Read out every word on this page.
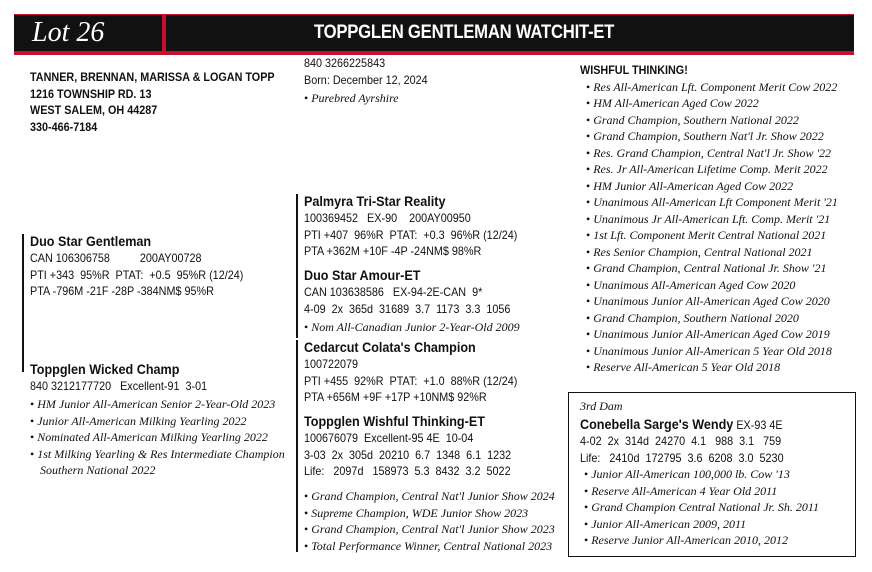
Lot 26	TOPPGLEN GENTLEMAN WATCHIT-ET
TANNER, BRENNAN, MARISSA & LOGAN TOPP
1216 TOWNSHIP RD. 13
WEST SALEM, OH 44287
330-466-7184
840 3266225843
Born: December 12, 2024
• Purebred Ayrshire
Duo Star Gentleman
CAN 106306758          200AY00728
PTI +343  95%R  PTAT:  +0.5  95%R (12/24)
PTA -796M -21F -28P -384NM$ 95%R
Toppglen Wicked Champ
840 3212177720   Excellent-91  3-01
• HM Junior All-American Senior 2-Year-Old 2023
• Junior All-American Milking Yearling 2022
• Nominated All-American Milking Yearling 2022
• 1st Milking Yearling & Res Intermediate Champion
Southern National 2022
Palmyra Tri-Star Reality
100369452   EX-90    200AY00950
PTI +407  96%R  PTAT:  +0.3  96%R (12/24)
PTA +362M +10F -4P -24NM$ 98%R
Duo Star Amour-ET
CAN 103638586   EX-94-2E-CAN  9*
4-09  2x  365d  31689  3.7  1173  3.3  1056
• Nom All-Canadian Junior 2-Year-Old 2009
Cedarcut Colata's Champion
100722079
PTI +455  92%R  PTAT:  +1.0  88%R (12/24)
PTA +656M +9F +17P +10NM$ 92%R
Toppglen Wishful Thinking-ET
100676079  Excellent-95 4E  10-04
3-03  2x  305d  20210  6.7  1348  6.1  1232
Life:   2097d   158973  5.3  8432  3.2  5022
• Grand Champion, Central Nat'l Junior Show 2024
• Supreme Champion, WDE Junior Show 2023
• Grand Champion, Central Nat'l Junior Show 2023
• Total Performance Winner, Central National 2023
WISHFUL THINKING!
• Res All-American Lft. Component Merit Cow 2022
• HM All-American Aged Cow 2022
• Grand Champion, Southern National 2022
• Grand Champion, Southern Nat'l Jr. Show 2022
• Res. Grand Champion, Central Nat'l Jr. Show '22
• Res. Jr All-American Lifetime Comp. Merit 2022
• HM Junior All-American Aged Cow 2022
• Unanimous All-American Lft Component Merit '21
• Unanimous Jr All-American Lft. Comp. Merit '21
• 1st Lft. Component Merit Central National 2021
• Res Senior Champion, Central National 2021
• Grand Champion, Central National Jr. Show '21
• Unanimous All-American Aged Cow 2020
• Unanimous Junior All-American Aged Cow 2020
• Grand Champion, Southern National 2020
• Unanimous Junior All-American Aged Cow 2019
• Unanimous Junior All-American 5 Year Old 2018
• Reserve All-American 5 Year Old 2018
3rd Dam
Conebella Sarge's Wendy EX-93 4E
4-02  2x  314d  24270  4.1   988  3.1   759
Life:   2410d  172795  3.6  6208  3.0  5230
• Junior All-American 100,000 lb. Cow '13
• Reserve All-American 4 Year Old 2011
• Grand Champion Central National Jr. Sh. 2011
• Junior All-American 2009, 2011
• Reserve Junior All-American 2010, 2012
